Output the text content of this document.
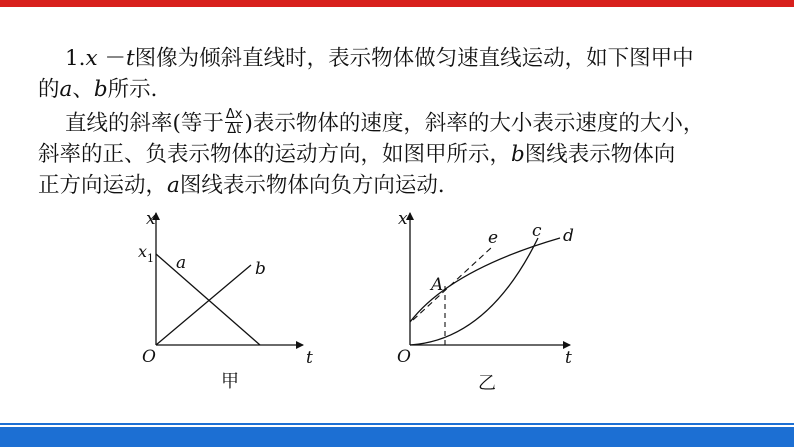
1.x －t图像为倾斜直线时，表示物体做匀速直线运动，如下图甲中
的a、b所示．
直线的斜率(等于 $\frac{\Delta x}{\Delta t}$ )表示物体的速度，斜率的大小表示速度的大小，
斜率的正、负表示物体的运动方向，如图甲所示，b图线表示物体向
正方向运动，a图线表示物体向负方向运动．
x
t
O
x 1 a	b
甲
x
t
O
A
c d
e
乙
